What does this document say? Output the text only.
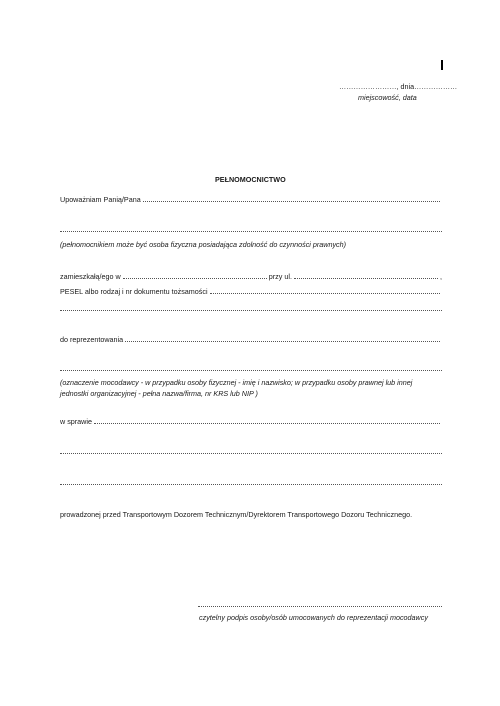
……………………, dnia………………
miejscowość, data
PEŁNOMOCNICTWO
Upoważniam Panią/Pana
(pełnomocnikiem może być osoba fizyczna posiadająca zdolność do czynności prawnych)
zamieszkałą/ego w	przy ul.	,
PESEL albo rodzaj i nr dokumentu tożsamości
do reprezentowania
(oznaczenie mocodawcy - w przypadku osoby fizycznej - imię i nazwisko; w przypadku osoby prawnej lub innej
jednostki organizacyjnej - pełna nazwa/firma, nr KRS lub NIP )
w sprawie
prowadzonej przed Transportowym Dozorem Technicznym/Dyrektorem Transportowego Dozoru Technicznego.
czytelny podpis osoby/osób umocowanych do reprezentacji mocodawcy
